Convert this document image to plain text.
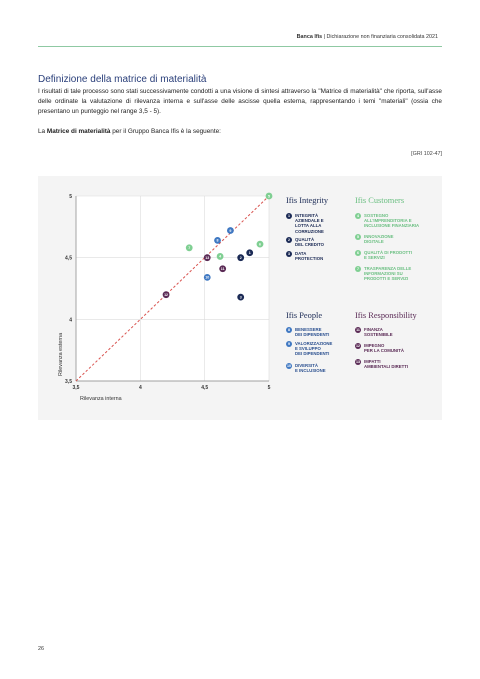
Banca Ifis | Dichiarazione non finanziaria consolidata 2021
Definizione della matrice di materialità
I risultati di tale processo sono stati successivamente condotti a una visione di sintesi attraverso la "Matrice di materialità" che riporta, sull'asse delle ordinate la valutazione di rilevanza interna e sull'asse delle ascisse quella esterna, rappresentando i temi "materiali" (ossia che presentano un punteggio nel range 3,5 - 5).
La Matrice di materialità per il Gruppo Banca Ifis è la seguente:
[GRI 102-47]
3,5
3,5
4
4
4,5
4,5
5
5
Rilevanza interna
Rilevanza esterna
1
2
3
4
5
6
7
8
9
10
11
12
13
Ifis Integrity
1	INTEGRITÀ
AZIENDALE E
LOTTA ALLA
CORRUZIONE
2	QUALITÀ
DEL CREDITO
3	DATA
PROTECTION
Ifis Customers
4	SOSTEGNO
ALL'IMPRENDITORIA E
INCLUSIONE FINANZIARIA
5	INNOVAZIONE
DIGITALE
6	QUALITÀ DI PRODOTTI
E SERVIZI
7	TRASPARENZA DELLE
INFORMAZIONI SU
PRODOTTI E SERVIZI
Ifis People
8	BENESSERE
DEI DIPENDENTI
9	VALORIZZAZIONE
E SVILUPPO
DEI DIPENDENTI
10 DIVERSITÀ
E INCLUSIONE
Ifis Responsibility
11 FINANZA
SOSTENIBILE
12 IMPEGNO
PER LA COMUNITÀ
13 IMPATTI
AMBIENTALI DIRETTI
26
